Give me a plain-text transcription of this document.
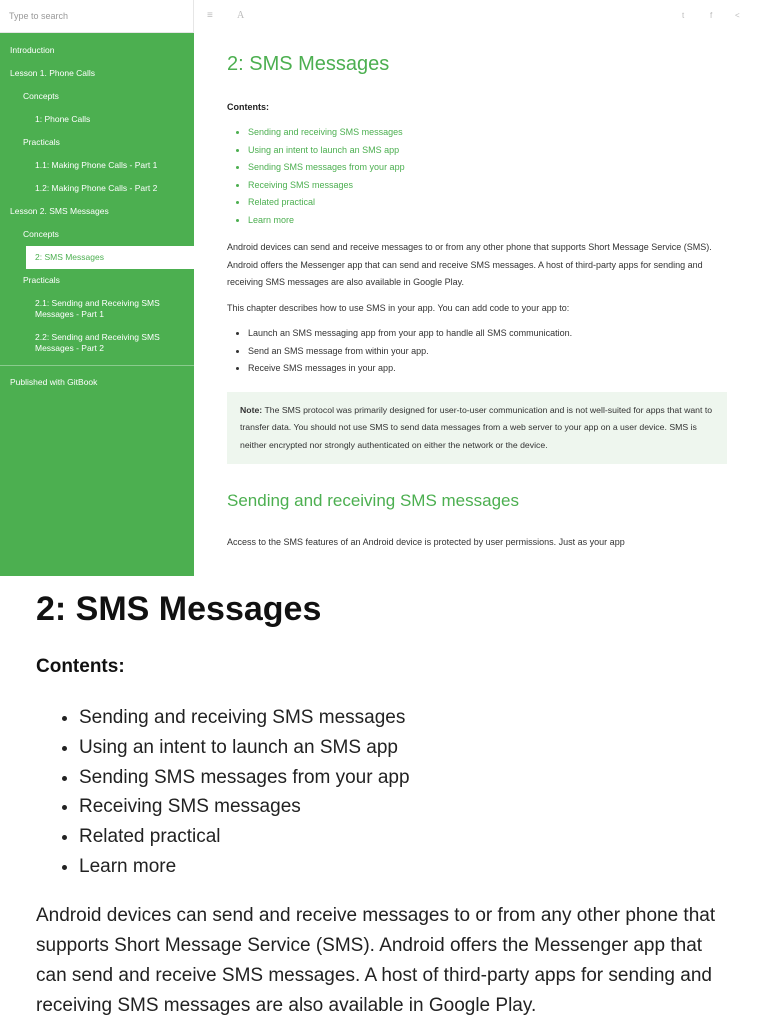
Type to search
Introduction
Lesson 1. Phone Calls
Concepts
1: Phone Calls
Practicals
1.1: Making Phone Calls - Part 1
1.2: Making Phone Calls - Part 2
Lesson 2. SMS Messages
Concepts
2: SMS Messages
Practicals
2.1: Sending and Receiving SMS Messages - Part 1
2.2: Sending and Receiving SMS Messages - Part 2
Published with GitBook
≡ A	t	f	<
2: SMS Messages
Contents:
• Sending and receiving SMS messages
• Using an intent to launch an SMS app
• Sending SMS messages from your app
• Receiving SMS messages
• Related practical
• Learn more

Android devices can send and receive messages to or from any other phone that supports Short Message Service (SMS). Android offers the Messenger app that can send and receive SMS messages. A host of third-party apps for sending and receiving SMS messages are also available in Google Play.

This chapter describes how to use SMS in your app. You can add code to your app to:

• Launch an SMS messaging app from your app to handle all SMS communication.
• Send an SMS message from within your app.
• Receive SMS messages in your app.
Note: The SMS protocol was primarily designed for user-to-user communication and is not well-suited for apps that want to transfer data. You should not use SMS to send data messages from a web server to your app on a user device. SMS is neither encrypted nor strongly authenticated on either the network or the device.
Sending and receiving SMS messages

Access to the SMS features of an Android device is protected by user permissions. Just as your app

2: SMS Messages
Contents:
• Sending and receiving SMS messages
• Using an intent to launch an SMS app
• Sending SMS messages from your app
• Receiving SMS messages
• Related practical
• Learn more

Android devices can send and receive messages to or from any other phone that supports Short Message Service (SMS). Android offers the Messenger app that can send and receive SMS messages. A host of third-party apps for sending and receiving SMS messages are also available in Google Play.
